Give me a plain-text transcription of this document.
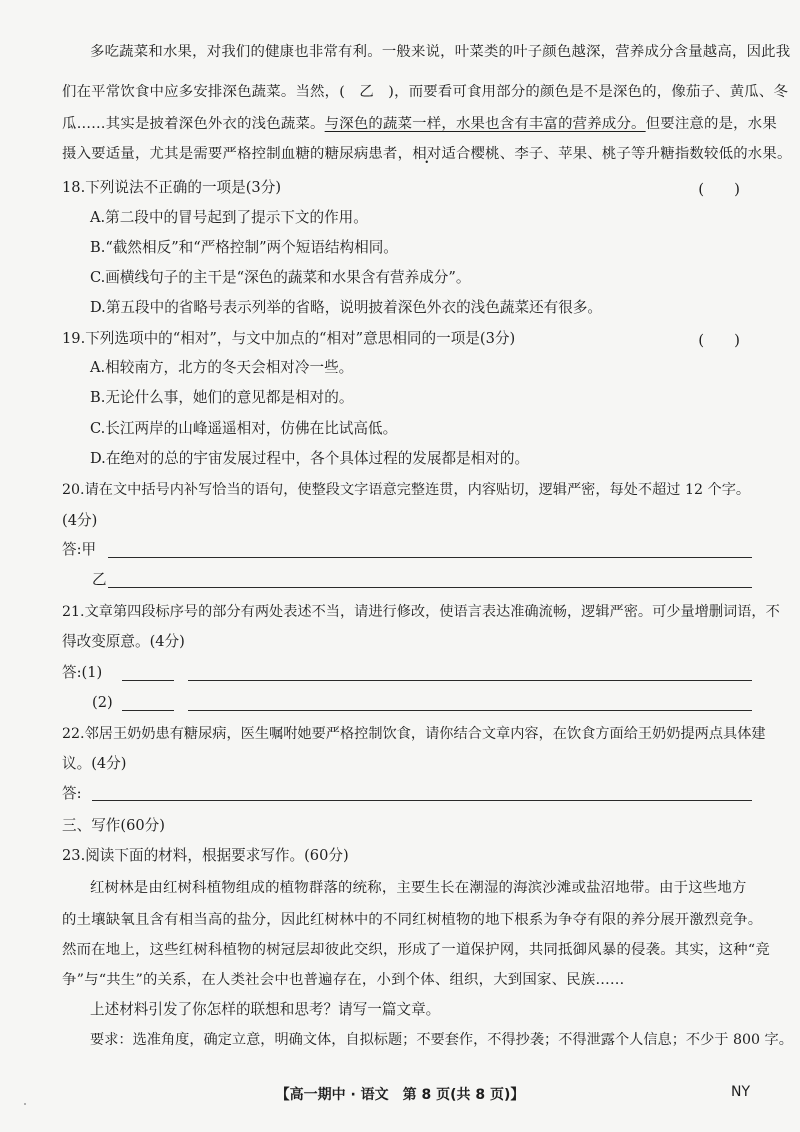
多吃蔬菜和水果，对我们的健康也非常有利。一般来说，叶菜类的叶子颜色越深，营养成分含量越高，因此我
们在平常饮食中应多安排深色蔬菜。当然，( 乙 )，而要看可食用部分的颜色是不是深色的，像茄子、黄瓜、冬
瓜……其实是披着深色外衣的浅色蔬菜。与深色的蔬菜一样，水果也含有丰富的营养成分。但要注意的是，水果
摄入要适量，尤其是需要严格控制血糖的糖尿病患者，相对适合樱桃、李子、苹果、桃子等升糖指数较低的水果。
18.下列说法不正确的一项是(3分)	(　　)
A.第二段中的冒号起到了提示下文的作用。
B.“截然相反”和“严格控制”两个短语结构相同。
C.画横线句子的主干是“深色的蔬菜和水果含有营养成分”。
D.第五段中的省略号表示列举的省略，说明披着深色外衣的浅色蔬菜还有很多。
19.下列选项中的“相对”，与文中加点的“相对”意思相同的一项是(3分)	(　　)
A.相较南方，北方的冬天会相对冷一些。
B.无论什么事，她们的意见都是相对的。
C.长江两岸的山峰遥遥相对，仿佛在比试高低。
D.在绝对的总的宇宙发展过程中，各个具体过程的发展都是相对的。
20.请在文中括号内补写恰当的语句，使整段文字语意完整连贯，内容贴切，逻辑严密，每处不超过 12 个字。
(4分)
答:甲
乙
21.文章第四段标序号的部分有两处表述不当，请进行修改，使语言表达准确流畅，逻辑严密。可少量增删词语，不
得改变原意。(4分)
答:(1)
(2)
22.邻居王奶奶患有糖尿病，医生嘱咐她要严格控制饮食，请你结合文章内容，在饮食方面给王奶奶提两点具体建
议。(4分)
答:
三、写作(60分)
23.阅读下面的材料，根据要求写作。(60分)
红树林是由红树科植物组成的植物群落的统称，主要生长在潮湿的海滨沙滩或盐沼地带。由于这些地方
的土壤缺氧且含有相当高的盐分，因此红树林中的不同红树植物的地下根系为争夺有限的养分展开激烈竞争。
然而在地上，这些红树科植物的树冠层却彼此交织，形成了一道保护网，共同抵御风暴的侵袭。其实，这种“竞
争”与“共生”的关系，在人类社会中也普遍存在，小到个体、组织，大到国家、民族……
上述材料引发了你怎样的联想和思考？请写一篇文章。
要求：选准角度，确定立意，明确文体，自拟标题；不要套作，不得抄袭；不得泄露个人信息；不少于 800 字。
【高一期中 · 语文　第 8 页(共 8 页)】	NY
